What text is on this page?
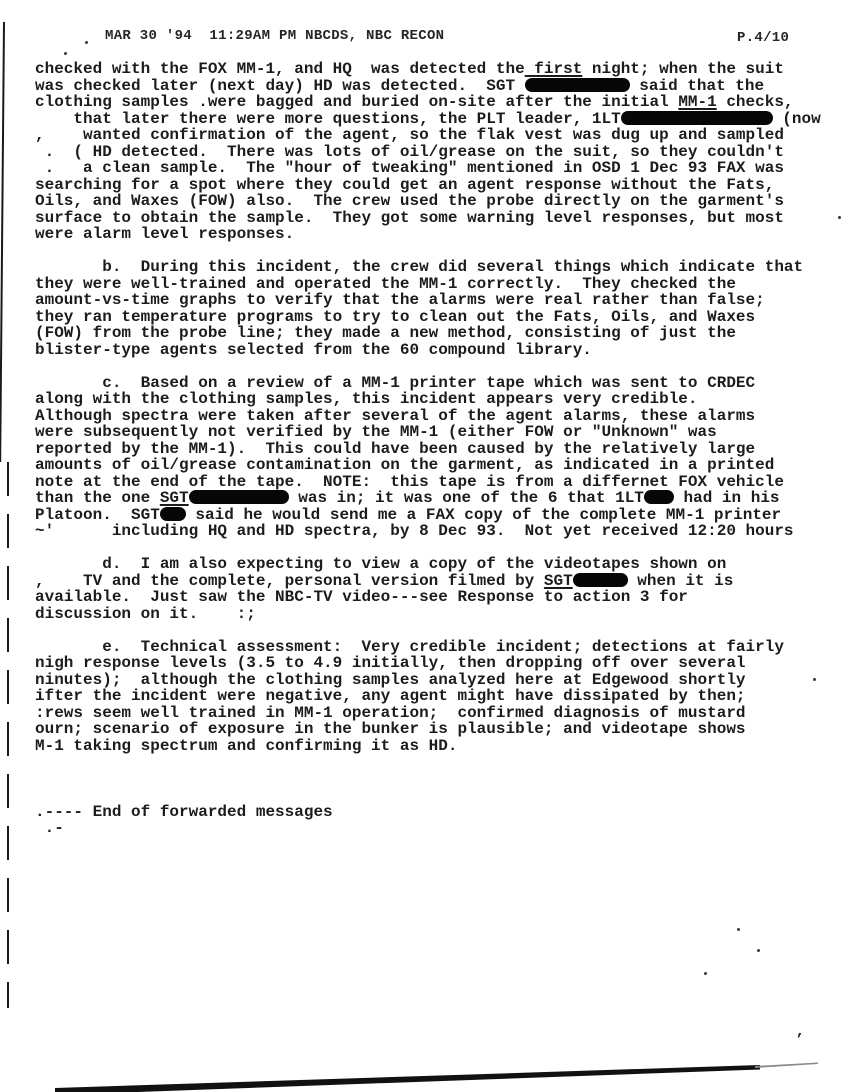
MAR 30 '94  11:29AM PM NBCDS, NBC RECON	P.4/10
checked with the FOX MM-1, and HQ  was detected the first night; when the suit
was checked later (next day) HD was detected.  SGT	said that the
clothing samples .were bagged and buried on-site after the initial MM-1 checks,
that later there were more questions, the PLT leader, 1LT	(now
,    wanted confirmation of the agent, so the flak vest was dug up and sampled
.  ( HD detected.  There was lots of oil/grease on the suit, so they couldn't
.   a clean sample.  The "hour of tweaking" mentioned in OSD 1 Dec 93 FAX was
searching for a spot where they could get an agent response without the Fats,
Oils, and Waxes (FOW) also.  The crew used the probe directly on the garment's
surface to obtain the sample.  They got some warning level responses, but most
were alarm level responses.

b.  During this incident, the crew did several things which indicate that
they were well-trained and operated the MM-1 correctly.  They checked the
amount-vs-time graphs to verify that the alarms were real rather than false;
they ran temperature programs to try to clean out the Fats, Oils, and Waxes
(FOW) from the probe line; they made a new method, consisting of just the
blister-type agents selected from the 60 compound library.

c.  Based on a review of a MM-1 printer tape which was sent to CRDEC
along with the clothing samples, this incident appears very credible.
Although spectra were taken after several of the agent alarms, these alarms
were subsequently not verified by the MM-1 (either FOW or "Unknown" was
reported by the MM-1).  This could have been caused by the relatively large
amounts of oil/grease contamination on the garment, as indicated in a printed
note at the end of the tape.  NOTE:  this tape is from a differnet FOX vehicle
than the one SGT	was in; it was one of the 6 that 1LT had in his
Platoon.  SGT said he would send me a FAX copy of the complete MM-1 printer
~'      including HQ and HD spectra, by 8 Dec 93.  Not yet received 12:20 hours

d.  I am also expecting to view a copy of the videotapes shown on
,    TV and the complete, personal version filmed by SGT	when it is
available.  Just saw the NBC-TV video---see Response to action 3 for
discussion on it.    :;

e.  Technical assessment:  Very credible incident; detections at fairly
nigh response levels (3.5 to 4.9 initially, then dropping off over several
ninutes);  although the clothing samples analyzed here at Edgewood shortly
ifter the incident were negative, any agent might have dissipated by then;
:rews seem well trained in MM-1 operation;  confirmed diagnosis of mustard
ourn; scenario of exposure in the bunker is plausible; and videotape shows
M-1 taking spectrum and confirming it as HD.

.---- End of forwarded messages
.-
’
